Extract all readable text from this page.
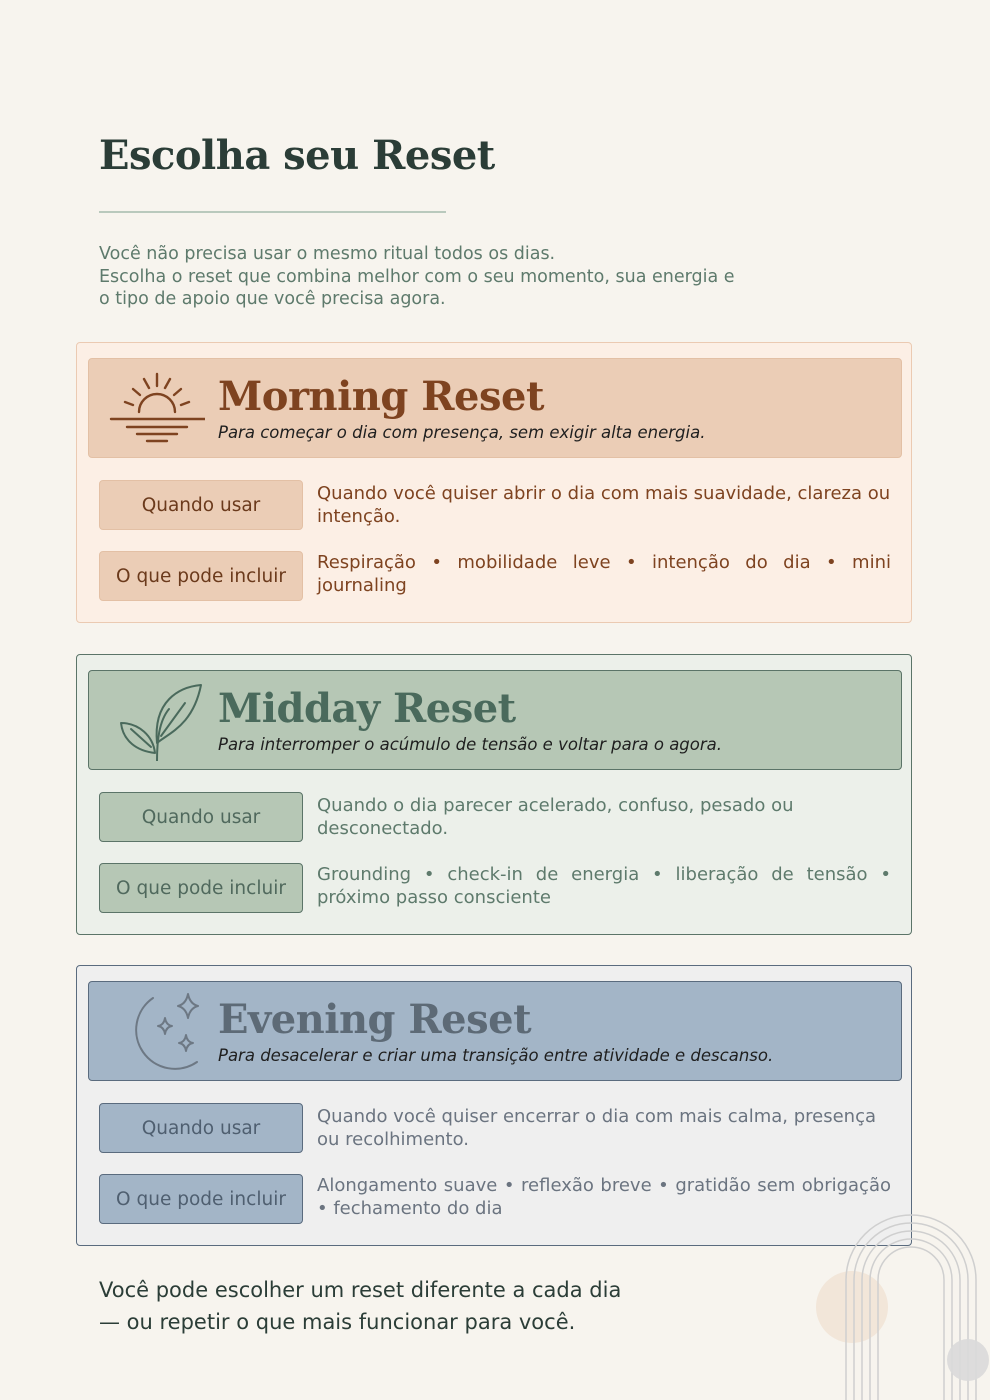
Escolha seu Reset
Você não precisa usar o mesmo ritual todos os dias.
Escolha o reset que combina melhor com o seu momento, sua energia e
o tipo de apoio que você precisa agora.
Morning Reset
Para começar o dia com presença, sem exigir alta energia.
Quando usar
Quando você quiser abrir o dia com mais suavidade, clareza ou intenção.
O que pode incluir
Respiração • mobilidade leve • intenção do dia • mini journaling
Midday Reset
Para interromper o acúmulo de tensão e voltar para o agora.
Quando usar
Quando o dia parecer acelerado, confuso, pesado ou desconectado.
O que pode incluir
Grounding • check-in de energia • liberação de tensão • próximo passo consciente
Evening Reset
Para desacelerar e criar uma transição entre atividade e descanso.
Quando usar
Quando você quiser encerrar o dia com mais calma, presença ou recolhimento.
O que pode incluir
Alongamento suave • reflexão breve • gratidão sem obrigação • fechamento do dia
Você pode escolher um reset diferente a cada dia
— ou repetir o que mais funcionar para você.
